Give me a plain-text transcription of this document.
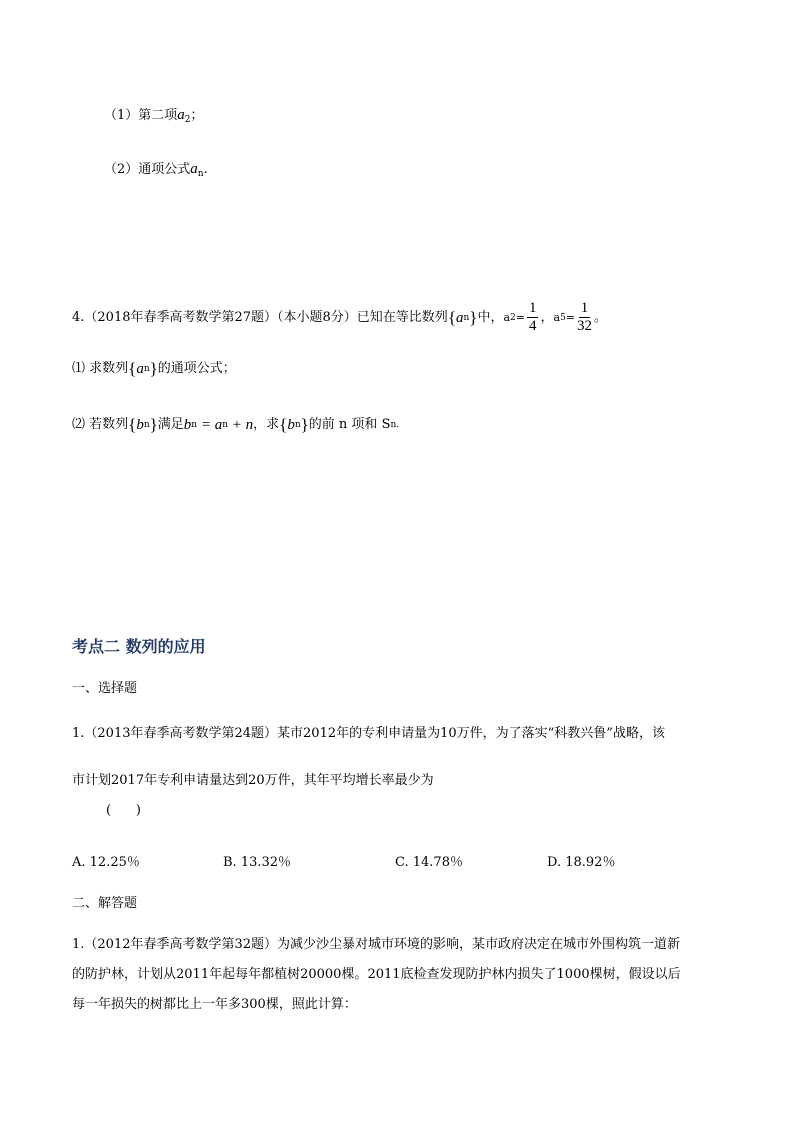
（1）第二项$a_2$；
（2）通项公式$a_n$.
4.（2018年春季高考数学第27题）（本小题8分）已知在等比数列 { a n } 中， a $2 = \frac{1}{4}$ ， a $5 = \frac{1}{32}$ 。
⑴ 求数列 { a n } 的通项公式；
⑵ 若数列 { b n } 满足 b n = a n + n ，求 { b n } 的前 n 项和 S n.
考点二 数列的应用
一、选择题
1.（2013年春季高考数学第24题）某市2012年的专利申请量为10万件，为了落实“科教兴鲁”战略，该
市计划2017年专利申请量达到20万件，其年平均增长率最少为
(      )
A. 12.25％	B. 13.32％	C. 14.78％	D. 18.92％
二、解答题
1.（2012年春季高考数学第32题）为减少沙尘暴对城市环境的影响，某市政府决定在城市外围构筑一道新
的防护林，计划从2011年起每年都植树20000棵。2011底检查发现防护林内损失了1000棵树，假设以后
每一年损失的树都比上一年多300棵，照此计算：
